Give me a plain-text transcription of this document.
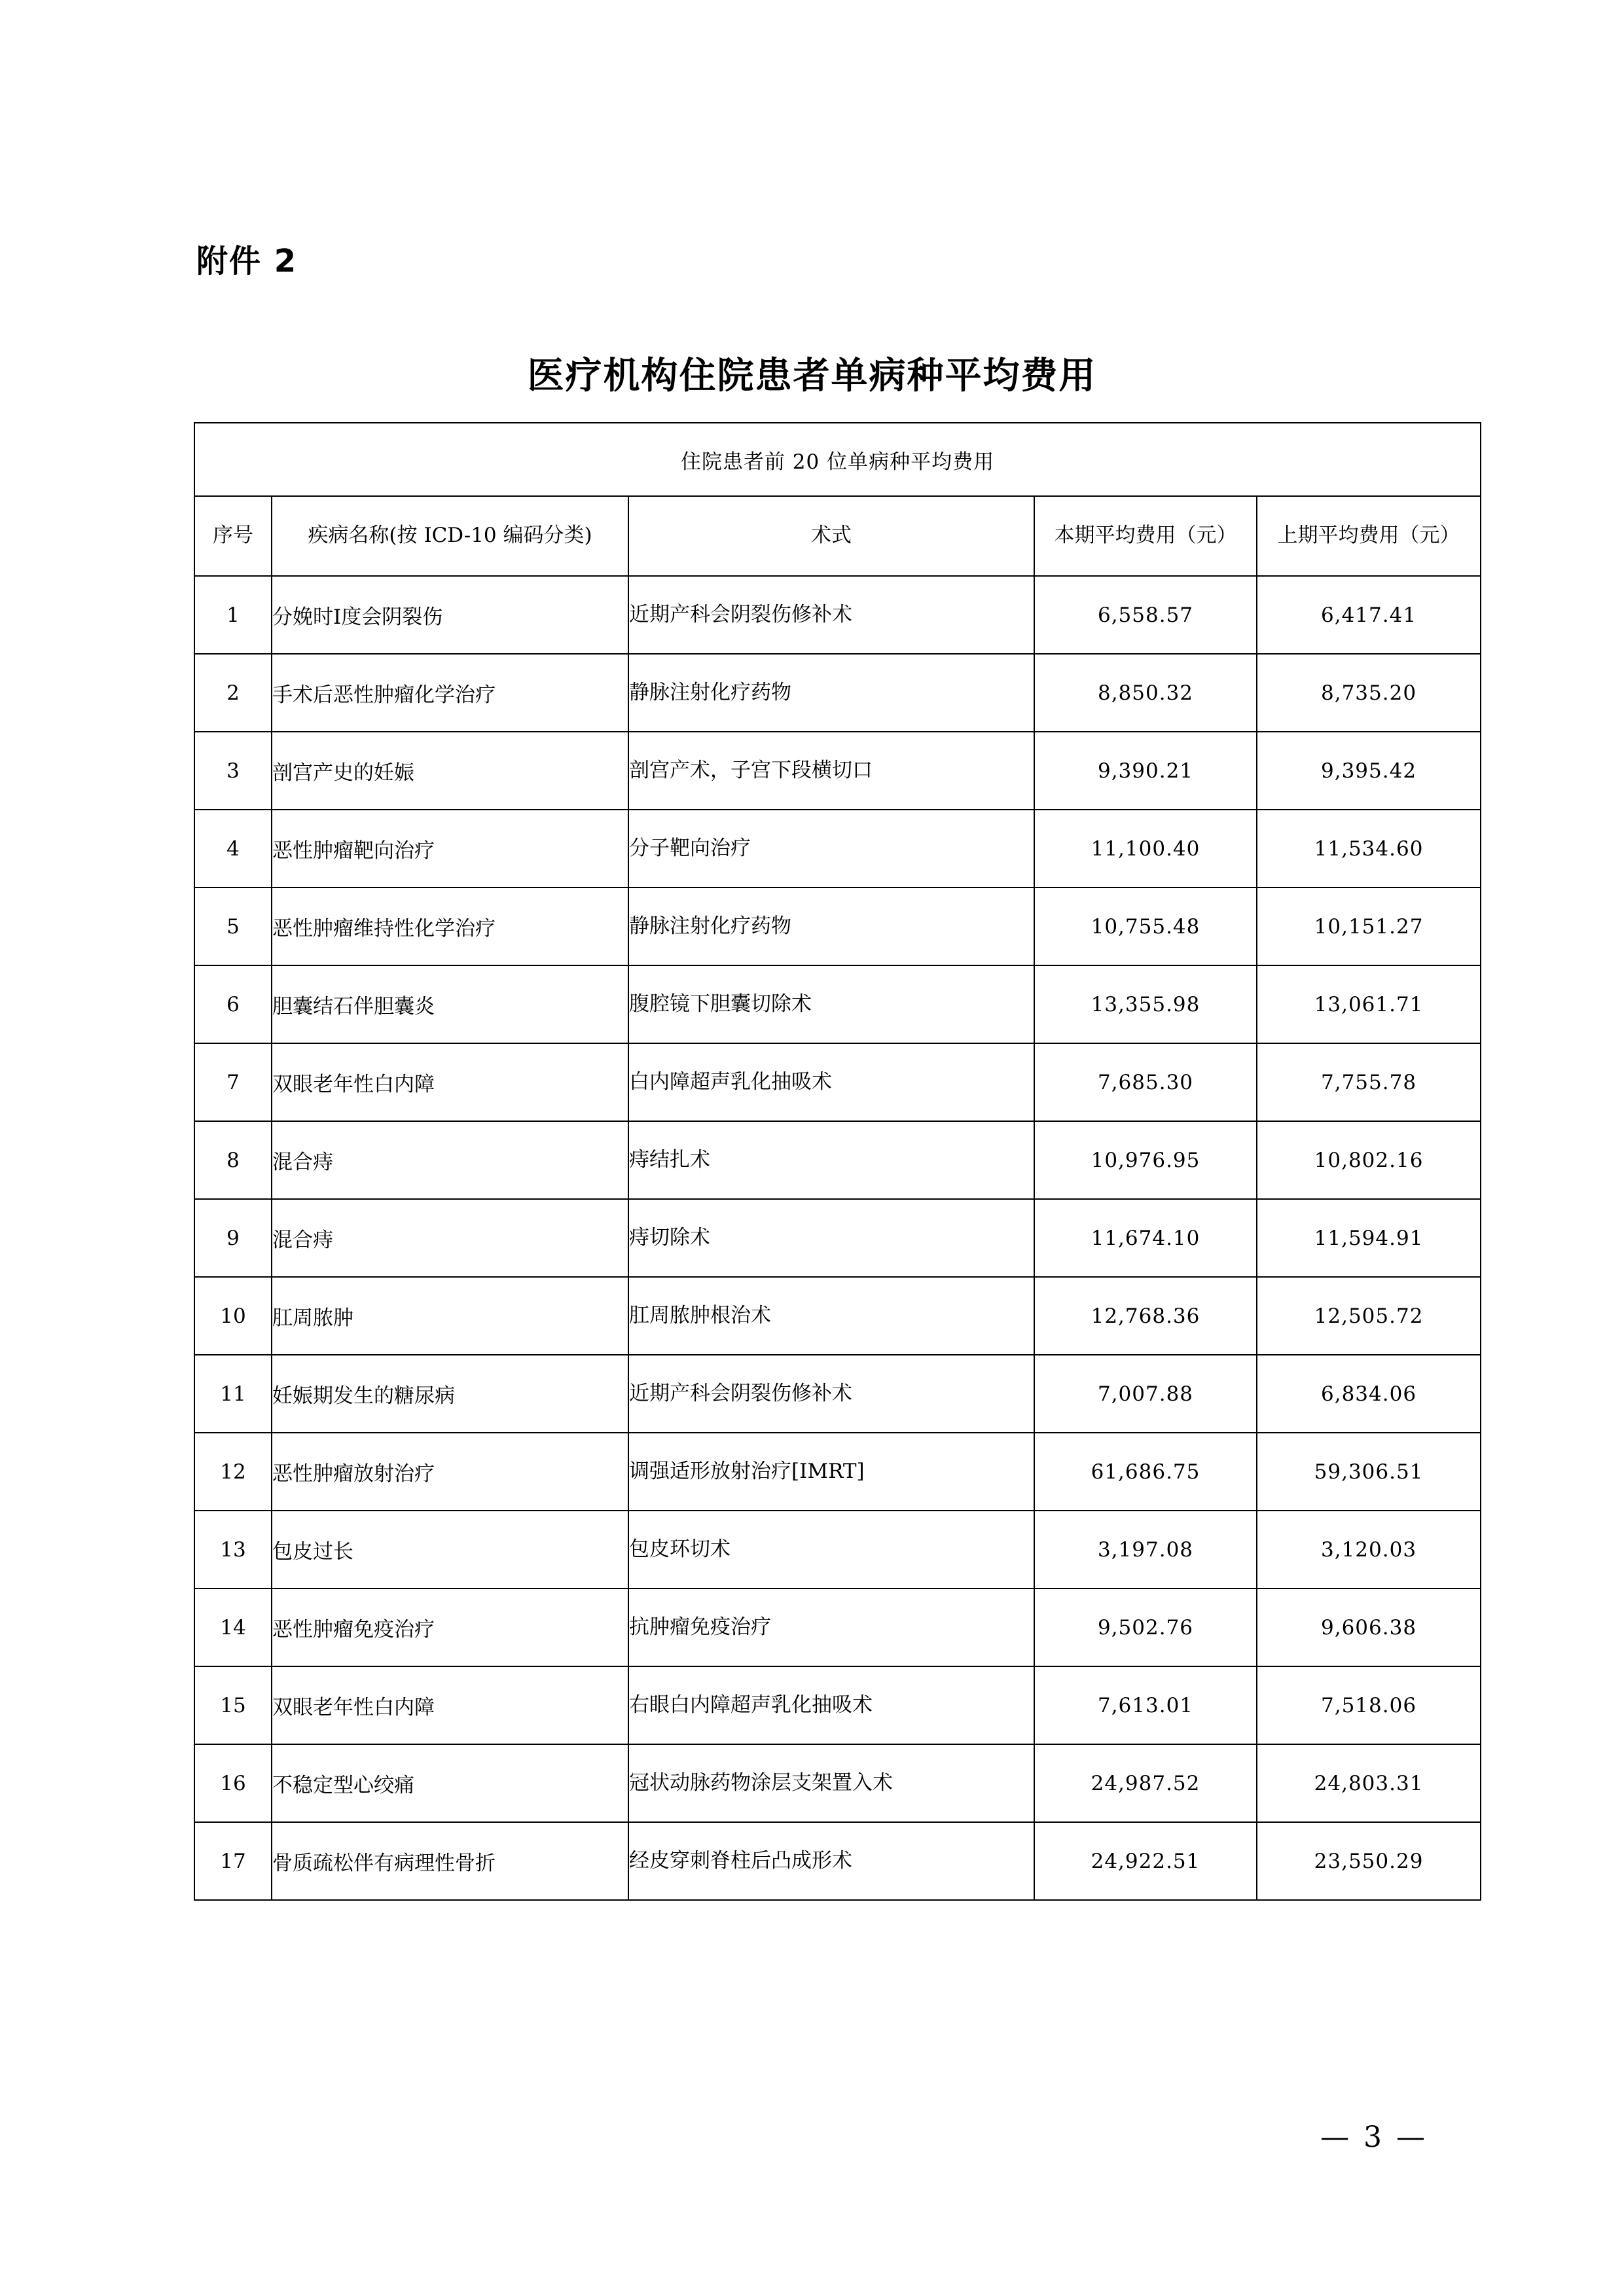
附件 2
医疗机构住院患者单病种平均费用
住院患者前 20 位单病种平均费用				
序号	疾病名称(按 ICD-10 编码分类)	术式	本期平均费用（元）	上期平均费用（元）
1	分娩时Ⅰ度会阴裂伤	近期产科会阴裂伤修补术	6,558.57	6,417.41
2	手术后恶性肿瘤化学治疗	静脉注射化疗药物	8,850.32	8,735.20
3	剖宫产史的妊娠	剖宫产术，子宫下段横切口	9,390.21	9,395.42
4	恶性肿瘤靶向治疗	分子靶向治疗	11,100.40	11,534.60
5	恶性肿瘤维持性化学治疗	静脉注射化疗药物	10,755.48	10,151.27
6	胆囊结石伴胆囊炎	腹腔镜下胆囊切除术	13,355.98	13,061.71
7	双眼老年性白内障	白内障超声乳化抽吸术	7,685.30	7,755.78
8	混合痔	痔结扎术	10,976.95	10,802.16
9	混合痔	痔切除术	11,674.10	11,594.91
10	肛周脓肿	肛周脓肿根治术	12,768.36	12,505.72
11	妊娠期发生的糖尿病	近期产科会阴裂伤修补术	7,007.88	6,834.06
12	恶性肿瘤放射治疗	调强适形放射治疗[IMRT]	61,686.75	59,306.51
13	包皮过长	包皮环切术	3,197.08	3,120.03
14	恶性肿瘤免疫治疗	抗肿瘤免疫治疗	9,502.76	9,606.38
15	双眼老年性白内障	右眼白内障超声乳化抽吸术	7,613.01	7,518.06
16	不稳定型心绞痛	冠状动脉药物涂层支架置入术	24,987.52	24,803.31
17	骨质疏松伴有病理性骨折	经皮穿刺脊柱后凸成形术	24,922.51	23,550.29
— 3 —
